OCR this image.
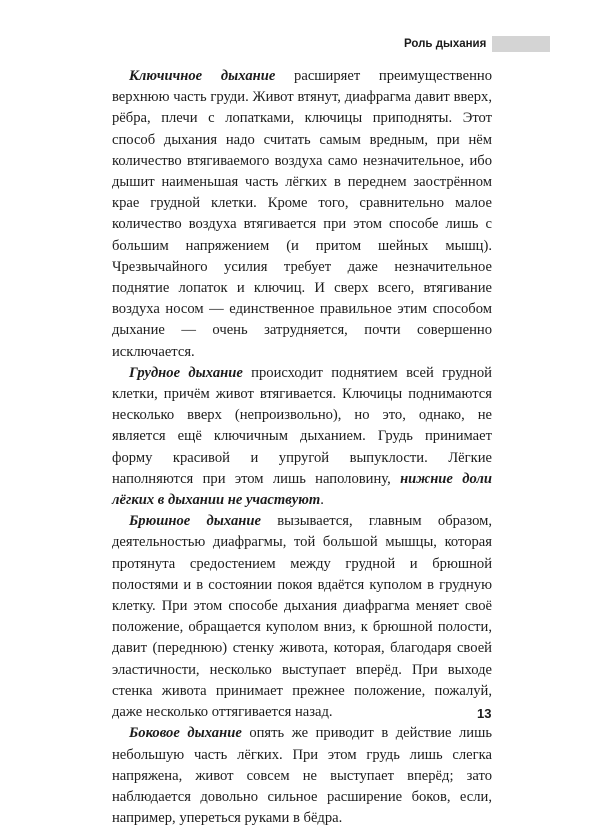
Роль дыхания

Ключичное дыхание расширяет преимущественно верхнюю часть груди. Живот втянут, диафрагма давит вверх, рёбра, плечи с лопатками, ключицы приподняты. Этот способ дыхания надо считать самым вредным, при нём количество втягиваемого воздуха само незначительное, ибо дышит наименьшая часть лёгких в переднем заострённом крае грудной клетки. Кроме того, сравнительно малое количество воздуха втягивается при этом способе лишь с большим напряжением (и притом шейных мышц). Чрезвычайного усилия требует даже незначительное поднятие лопаток и ключиц. И сверх всего, втягивание воздуха носом — единственное правильное этим способом дыхание — очень затрудняется, почти совершенно исключается.

Грудное дыхание происходит поднятием всей грудной клетки, причём живот втягивается. Ключицы поднимаются несколько вверх (непроизвольно), но это, однако, не является ещё ключичным дыханием. Грудь принимает форму красивой и упругой выпуклости. Лёгкие наполняются при этом лишь наполовину, нижние доли лёгких в дыхании не участвуют.

Брюшное дыхание вызывается, главным образом, деятельностью диафрагмы, той большой мышцы, которая протянута средостением между грудной и брюшной полостями и в состоянии покоя вдаётся куполом в грудную клетку. При этом способе дыхания диафрагма меняет своё положение, обращается куполом вниз, к брюшной полости, давит (переднюю) стенку живота, которая, благодаря своей эластичности, несколько выступает вперёд. При выходе стенка живота принимает прежнее положение, пожалуй, даже несколько оттягивается назад.

Боковое дыхание опять же приводит в действие лишь небольшую часть лёгких. При этом грудь лишь слегка напряжена, живот совсем не выступает вперёд; зато наблюдается довольно сильное расширение боков, если, например, упереться руками в бёдра.

13
